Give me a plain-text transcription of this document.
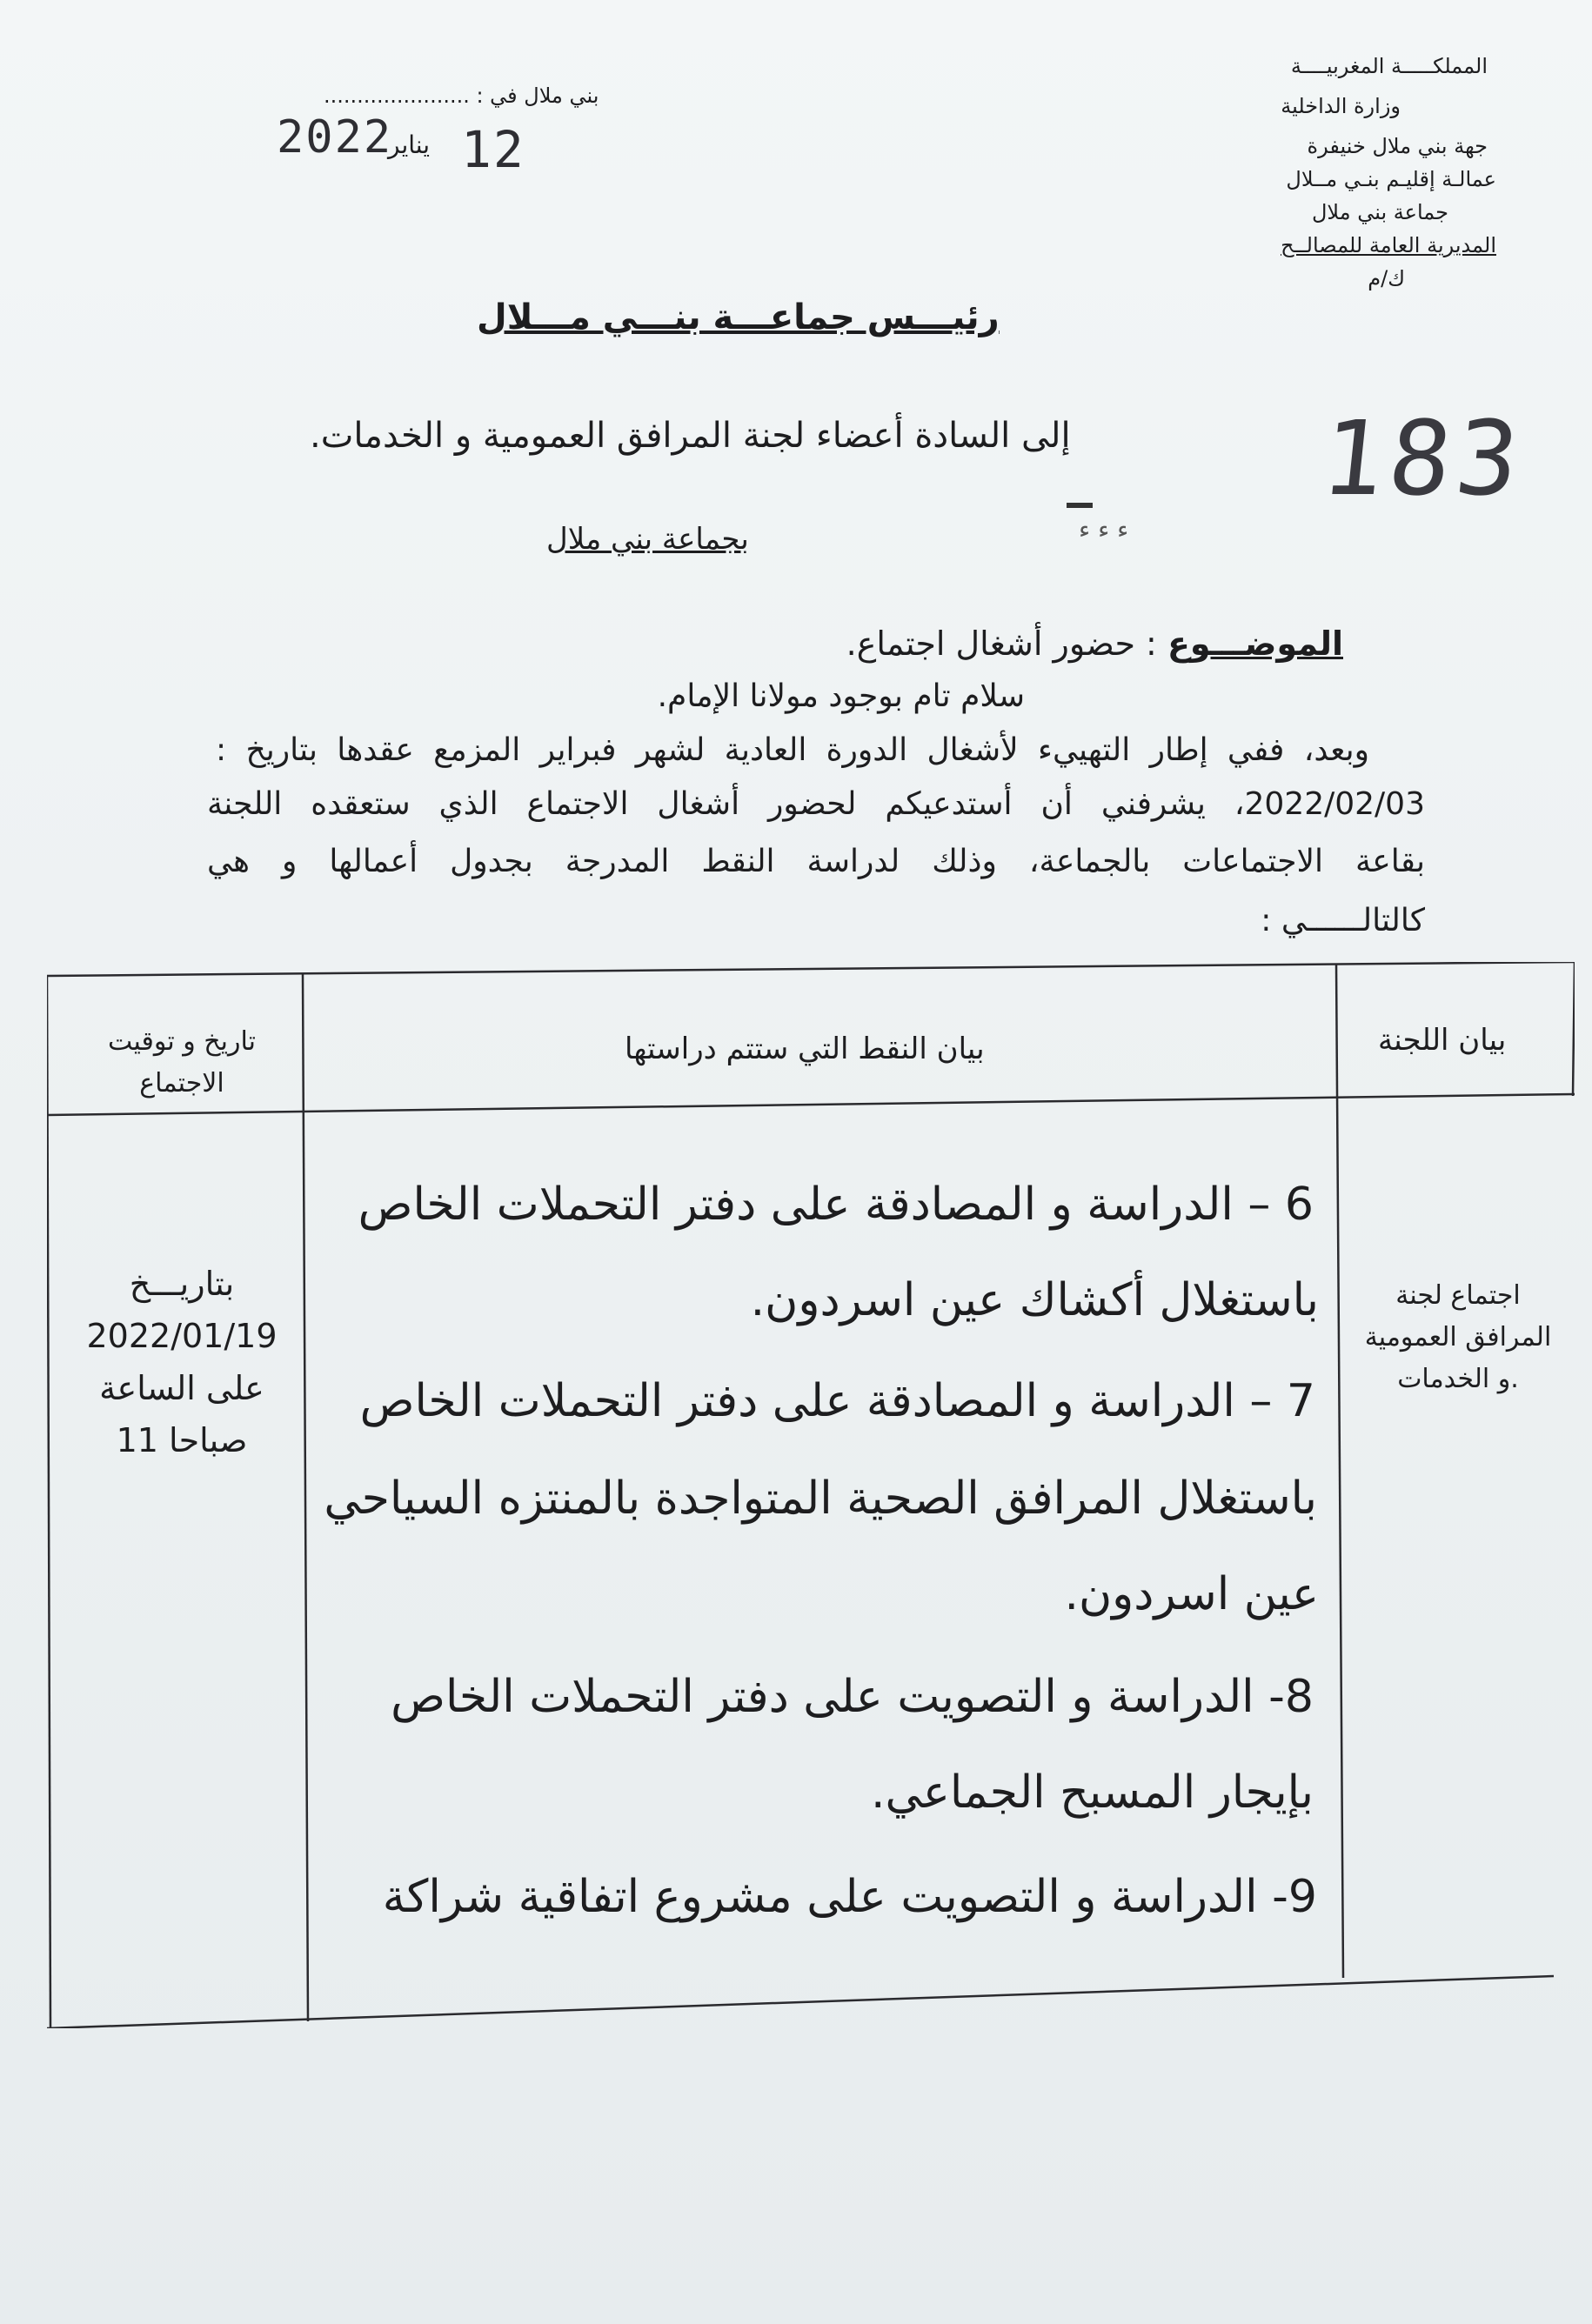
المملكـــــة المغربيــــة
وزارة الداخلية
جهة بني ملال خنيفرة
عمالـة إقليـم بنـي مــلال
جماعة بني ملال
المديرية العامة للمصالــح
ك/م
بني ملال في : ......................
2022
يناير 12
رئيـــس جماعـــة بنـــي مـــلال
183
ء ء ء
إلى السادة أعضاء لجنة المرافق العمومية و الخدمات.
بجماعة بني ملال
الموضـــوع : حضور أشغال اجتماع.
سلام تام بوجود مولانا الإمام.
وبعد، ففي إطار التهييء لأشغال الدورة العادية لشهر فبراير المزمع عقدها بتاريخ :
2022/02/03، يشرفني أن أستدعيكم لحضور أشغال الاجتماع الذي ستعقده اللجنة
بقاعة الاجتماعات بالجماعة، وذلك لدراسة النقط المدرجة بجدول أعمالها و هي
كالتالــــــي :
بيان اللجنة
بيان النقط التي ستتم دراستها
تاريخ و توقيت
الاجتماع
اجتماع لجنة
المرافق العمومية
و الخدمات.
بتاريـــخ
2022/01/19
على الساعة
11 صباحا
6 – الدراسة و المصادقة على دفتر التحملات الخاص
باستغلال أكشاك عين اسردون.
7 – الدراسة و المصادقة على دفتر التحملات الخاص
باستغلال المرافق الصحية المتواجدة بالمنتزه السياحي
عين اسردون.
8- الدراسة و التصويت على دفتر التحملات الخاص
بإيجار المسبح الجماعي.
9- الدراسة و التصويت على مشروع اتفاقية شراكة
